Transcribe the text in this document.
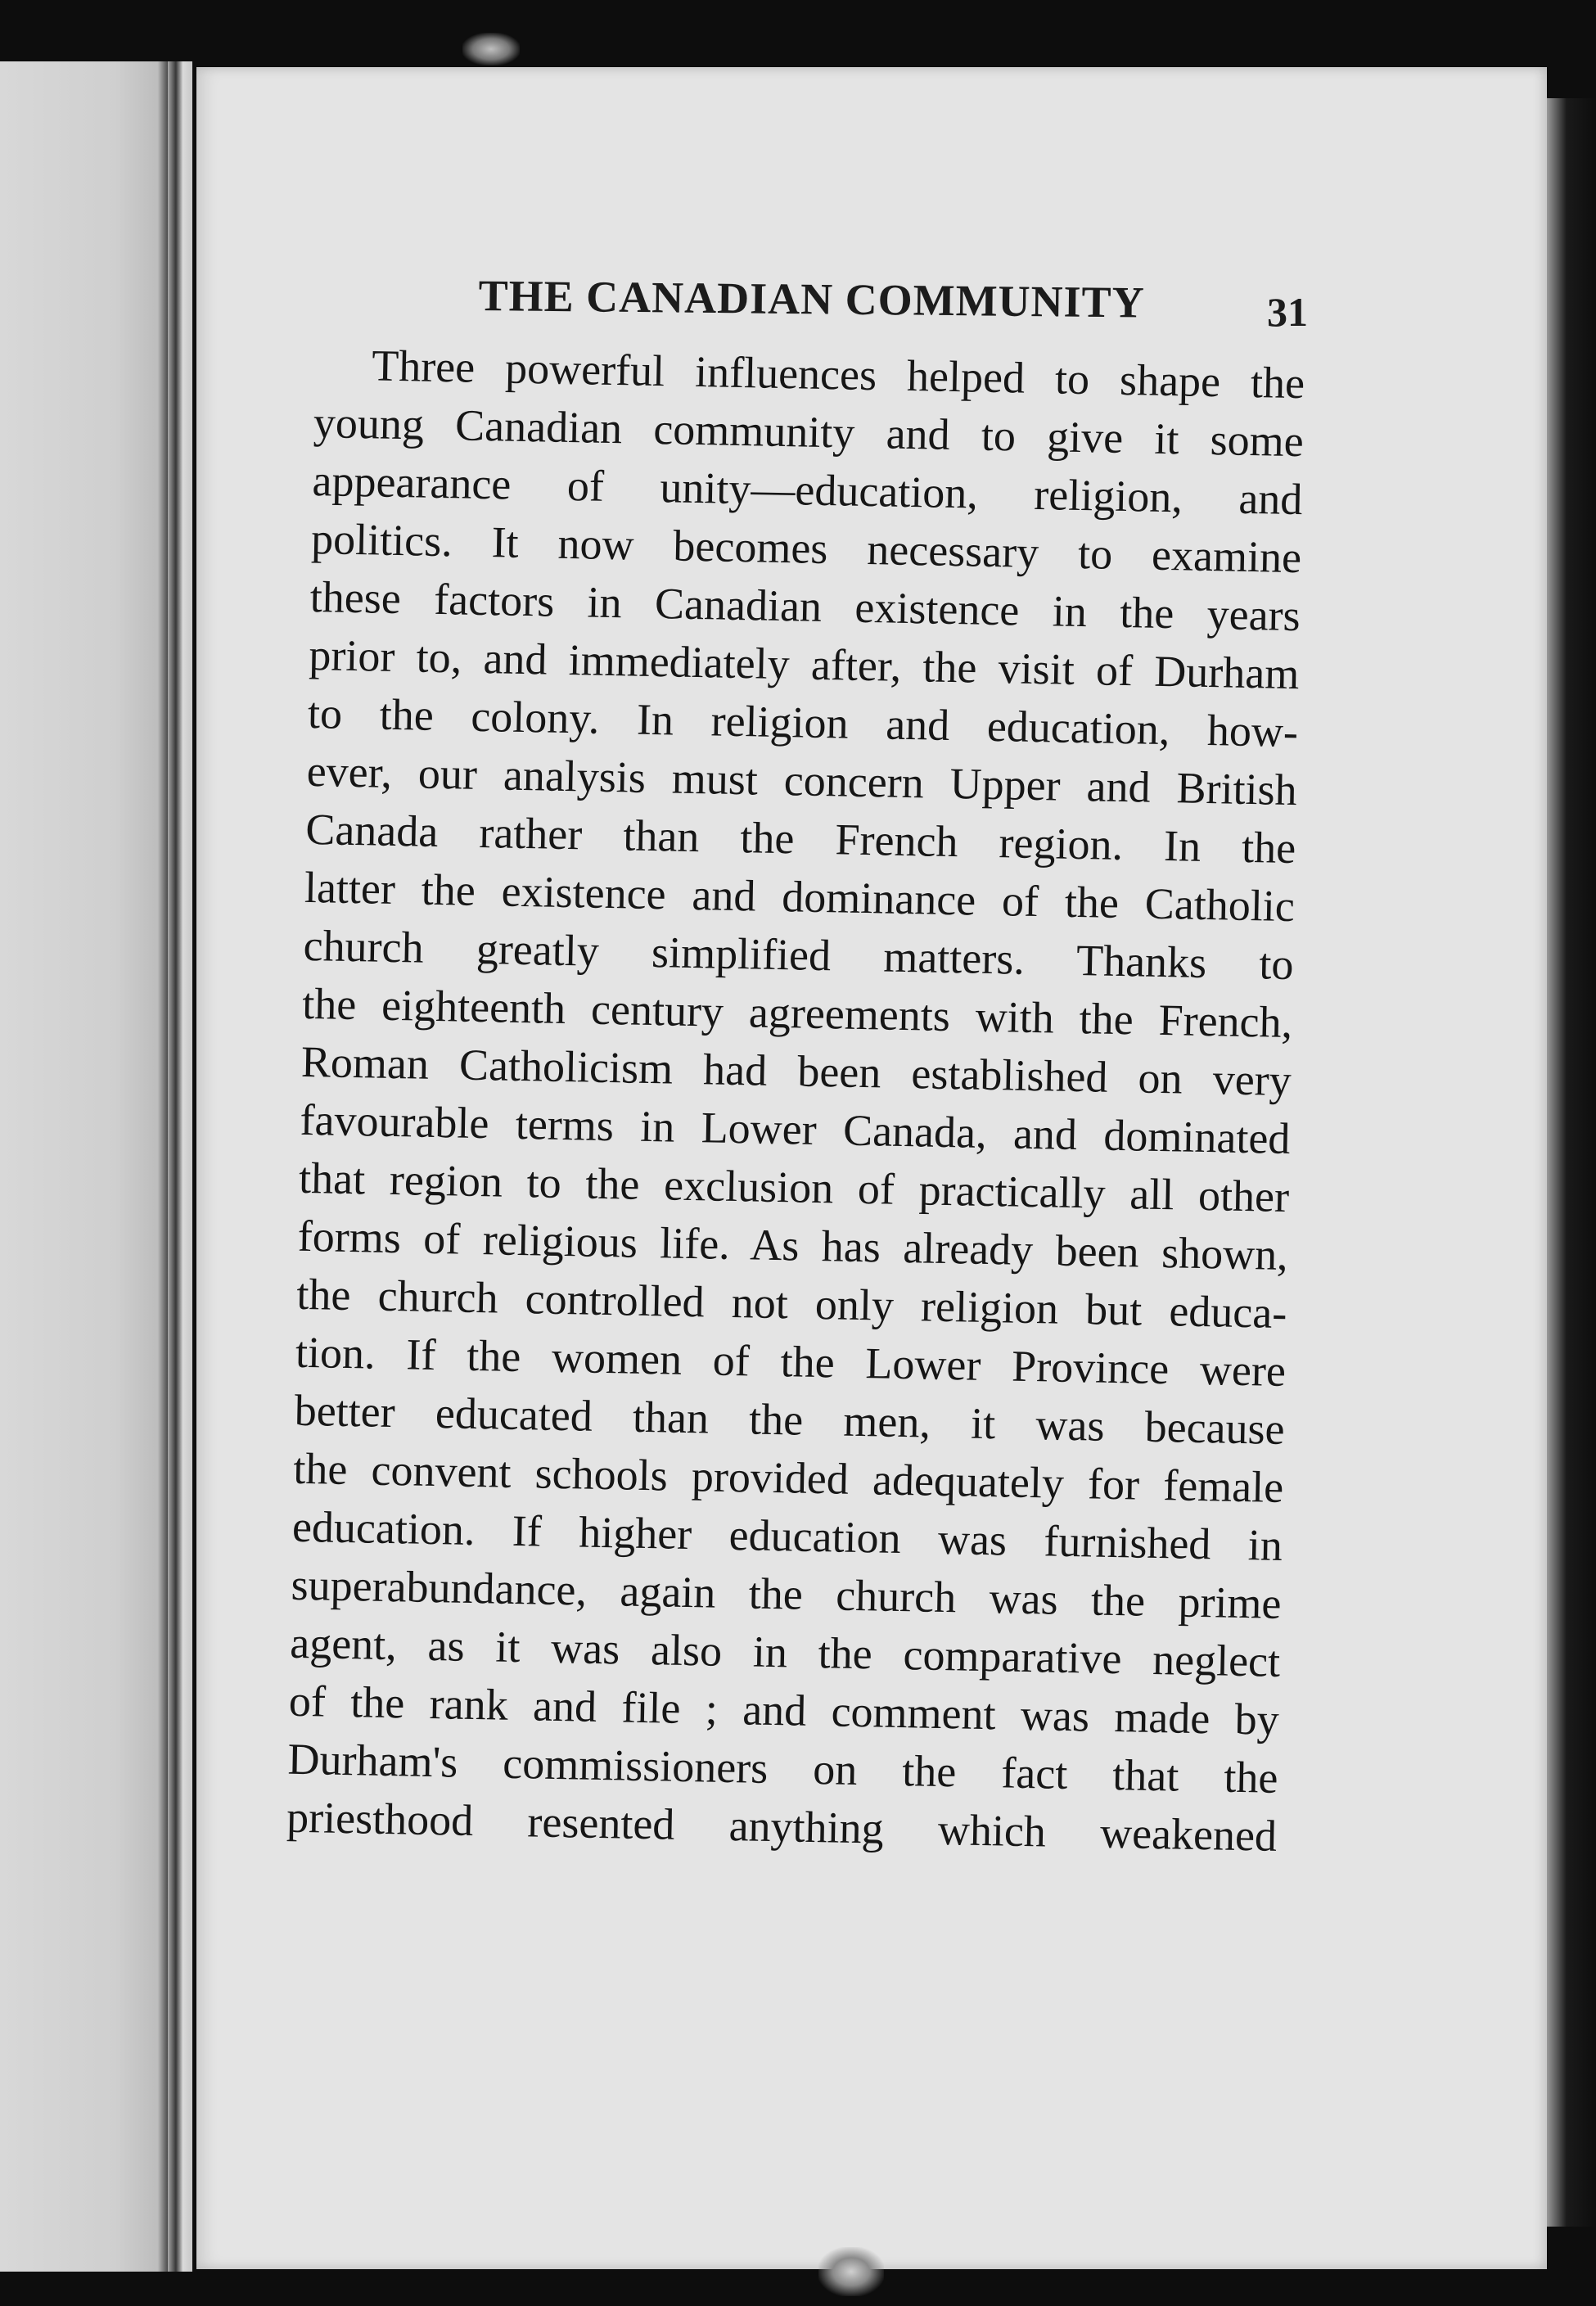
THE CANADIAN COMMUNITY	31
Three powerful influences helped to shape the
young Canadian community and to give it some
appearance of unity—education, religion, and
politics. It now becomes necessary to examine
these factors in Canadian existence in the years
prior to, and immediately after, the visit of Durham
to the colony. In religion and education, how-
ever, our analysis must concern Upper and British
Canada rather than the French region. In the
latter the existence and dominance of the Catholic
church greatly simplified matters. Thanks to
the eighteenth century agreements with the French,
Roman Catholicism had been established on very
favourable terms in Lower Canada, and dominated
that region to the exclusion of practically all other
forms of religious life. As has already been shown,
the church controlled not only religion but educa-
tion. If the women of the Lower Province were
better educated than the men, it was because
the convent schools provided adequately for female
education. If higher education was furnished in
superabundance, again the church was the prime
agent, as it was also in the comparative neglect
of the rank and file ; and comment was made by
Durham's commissioners on the fact that the
priesthood resented anything which weakened
